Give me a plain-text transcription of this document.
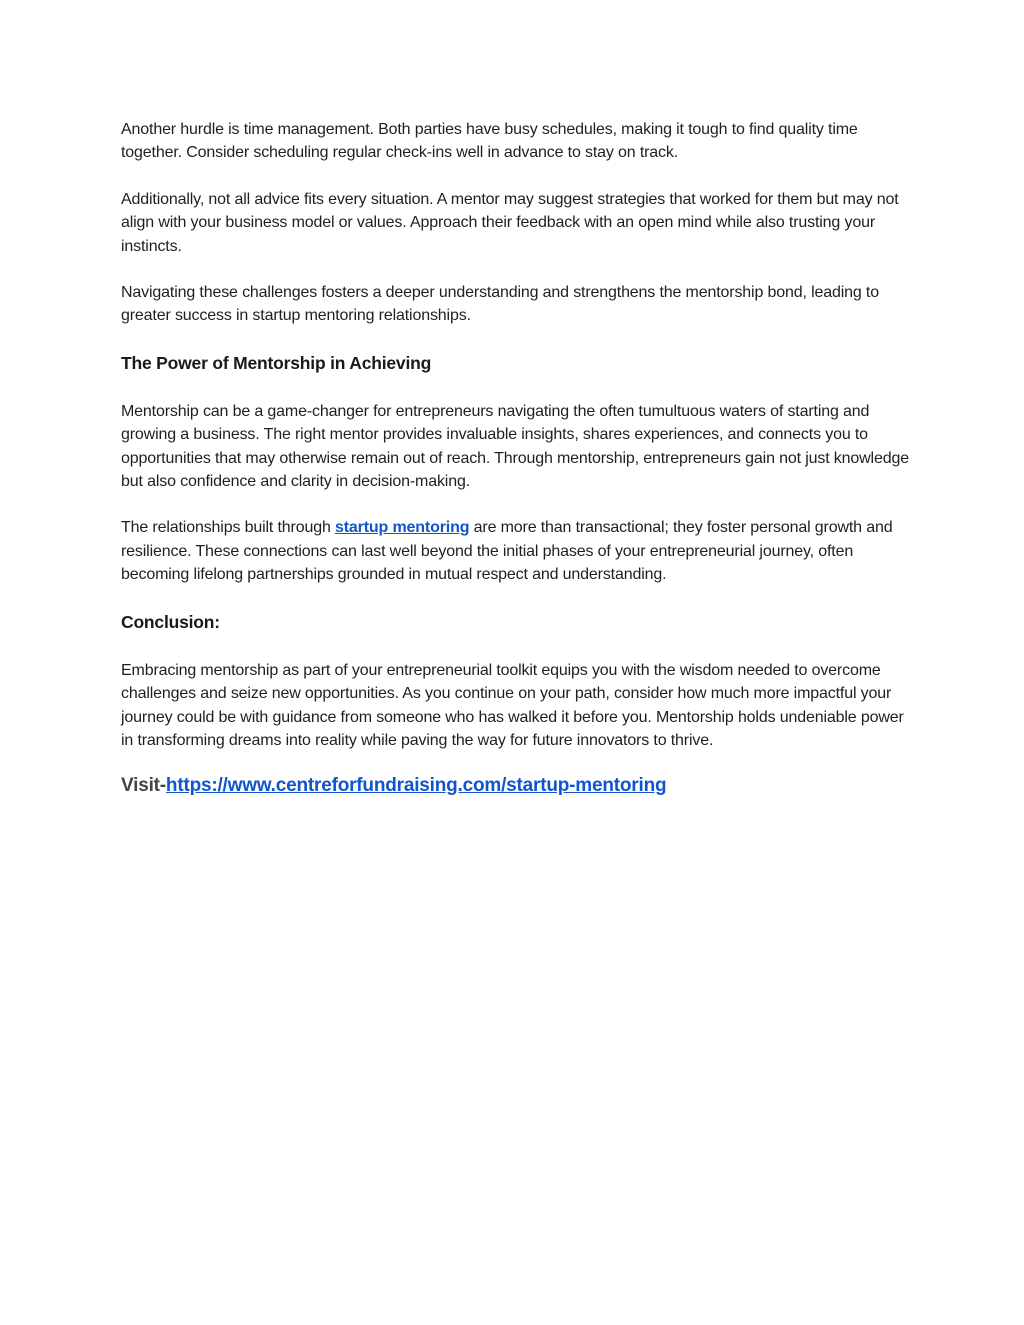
Another hurdle is time management. Both parties have busy schedules, making it tough to find quality time together. Consider scheduling regular check-ins well in advance to stay on track.

Additionally, not all advice fits every situation. A mentor may suggest strategies that worked for them but may not align with your business model or values. Approach their feedback with an open mind while also trusting your instincts.

Navigating these challenges fosters a deeper understanding and strengthens the mentorship bond, leading to greater success in startup mentoring relationships.

The Power of Mentorship in Achieving

Mentorship can be a game-changer for entrepreneurs navigating the often tumultuous waters of starting and growing a business. The right mentor provides invaluable insights, shares experiences, and connects you to opportunities that may otherwise remain out of reach. Through mentorship, entrepreneurs gain not just knowledge but also confidence and clarity in decision-making.

The relationships built through startup mentoring are more than transactional; they foster personal growth and resilience. These connections can last well beyond the initial phases of your entrepreneurial journey, often becoming lifelong partnerships grounded in mutual respect and understanding.

Conclusion:

Embracing mentorship as part of your entrepreneurial toolkit equips you with the wisdom needed to overcome challenges and seize new opportunities. As you continue on your path, consider how much more impactful your journey could be with guidance from someone who has walked it before you. Mentorship holds undeniable power in transforming dreams into reality while paving the way for future innovators to thrive.

Visit-https://www.centreforfundraising.com/startup-mentoring
